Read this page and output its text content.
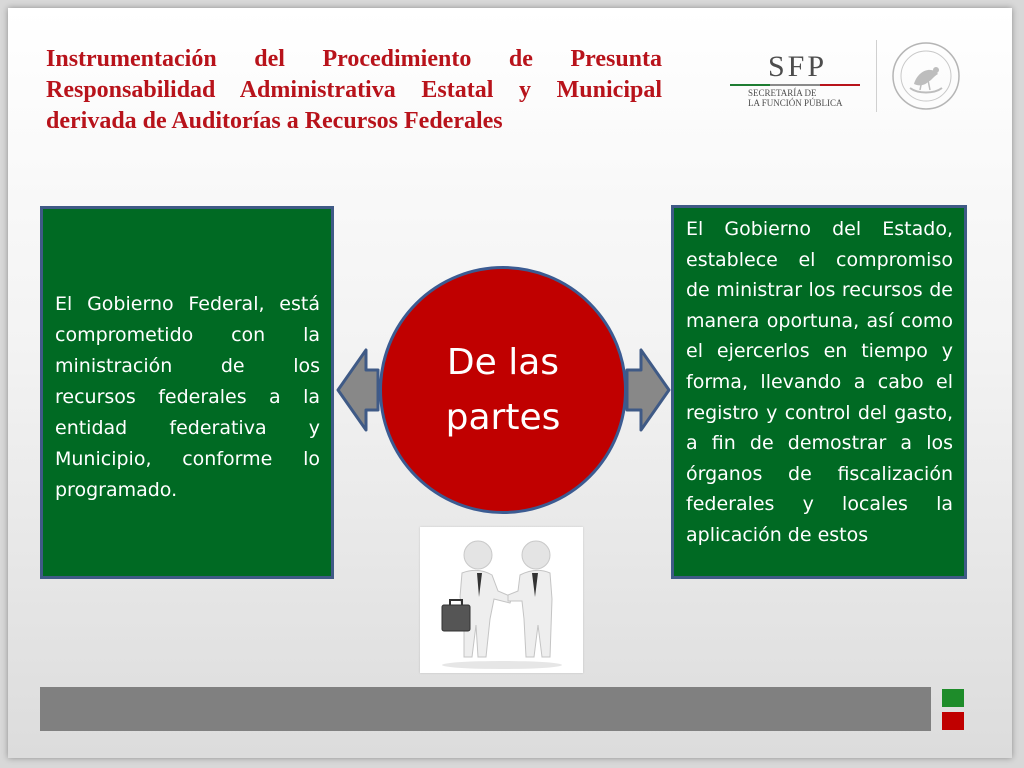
Instrumentación del Procedimiento de Presunta Responsabilidad Administrativa Estatal y Municipal derivada de Auditorías a Recursos Federales
SFP
SECRETARÍA DE
LA FUNCIÓN PÚBLICA
El Gobierno Federal, está comprometido con la ministración de los recursos federales a la entidad federativa y Municipio, conforme lo programado.
De las partes
El Gobierno del Estado, establece el compromiso de ministrar los recursos de manera oportuna, así como el ejercerlos en tiempo y forma, llevando a cabo el registro y control del gasto, a fin de demostrar a los órganos de fiscalización federales y locales la aplicación de estos
